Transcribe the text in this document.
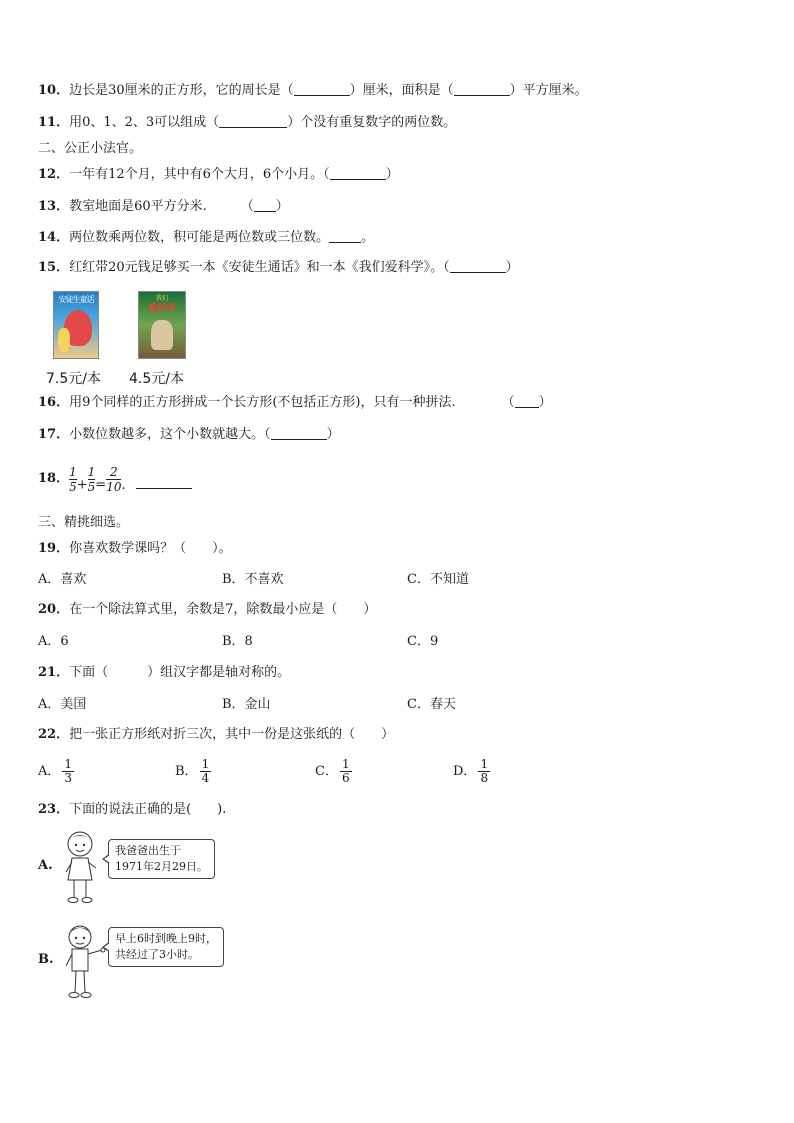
10．边长是30厘米的正方形，它的周长是（	）厘米，面积是（	）平方厘米。
11．用0、1、2、3可以组成（	）个没有重复数字的两位数。
二、公正小法官。
12．一年有12个月，其中有6个大月，6个小月。（	）
13．教室地面是60平方分米.	（ ）
14．两位数乘两位数，积可能是两位数或三位数。 。
15．红红带20元钱足够买一本《安徒生通话》和一本《我们爱科学》。（	）
安徒生童话	我们
爱科学
7.5元/本 4.5元/本
16．用9个同样的正方形拼成一个长方形(不包括正方形)，只有一种拼法.	（ ）
17．小数位数越多，这个小数就越大。（	）
18． $\frac{1}{5} + \frac{1}{5} = \frac{2}{10}$ .
三、精挑细选。
19．你喜欢数学课吗？（　　）。
A．喜欢	B．不喜欢	C．不知道
20．在一个除法算式里，余数是7，除数最小应是（　　）
A．6	B．8	C．9
21．下面（　　　）组汉字都是轴对称的。
A．美国	B．金山	C．春天
22．把一张正方形纸对折三次，其中一份是这张纸的（　　）
A． $\frac{1}{3}$	B． $\frac{1}{4}$	C． $\frac{1}{6}$	D． $\frac{1}{8}$
23．下面的说法正确的是(　　).
A.
我爸爸出生于
1971年2月29日。
B.
早上6时到晚上9时，
共经过了3小时。
